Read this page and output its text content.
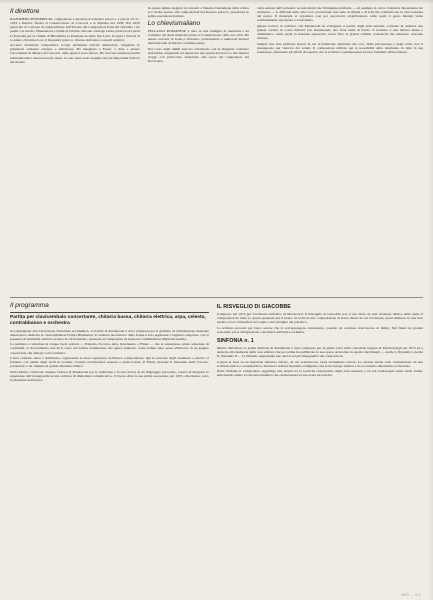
Il direttore

KAZIMIERZ PENDERECKI, compositore e direttore d'orchestra polacco, è nato il 23-11-1933 a Dębica. Studia al Conservatorio di Cracovia e si diploma nel 1958. Nel 1959 partecipa al concorso di composizione dell'Unione dei Compositori Polacchi vincendo i tre premi con Strofe, Emanazioni e Salmi di Davide. Del suo catalogo fanno parte lavori quali la Trenodia per le vittime di Hiroshima, la Passione secondo San Luca, le opere I diavoli di Loudun e Paradise Lost, il Requiem polacco, diverse sinfonie e concerti solistici.

Accanto all'attività compositiva svolge un'intensa attività direttoriale, dirigendo le principali orchestre europee e americane. Ha insegnato a Essen, a Yale e presso l'Accademia di Musica di Cracovia, della quale è stato rettore. Ha ricevuto numerosi premi internazionali e lauree honoris causa. Le sue opere sono eseguite nei più importanti festival del mondo.

In queste ultime stagioni di concerti a Venezia l'attenzione della critica si è rivolta spesso alle composizioni del maestro polacco, presentate in prima esecuzione italiana.

Lo chievismaliano

PELLAGIO ROMANESE è nato in una famiglia di musicisti e ha compiuto gli studi musicali presso il Conservatorio della sua città. Ha tenuto concerti in Italia e all'estero, partecipando a numerosi festival internazionali di musica contemporanea.

Nel corso degli ultimi anni ha collaborato con le maggiori orchestre sinfoniche, eseguendo un repertorio che spazia dal barocco alla musica d'oggi, con particolare attenzione alle opere dei compositori del Novecento.

varie sezioni dell'orchestra: accade infatti che l'immagine primaria — ad esempio la curva cromatica discendente del clarinetto — si diffonda nelle altre voci, producendo una serie di riflessi e di echi che costituiscono la vera sostanza del pezzo. Il materiale si organizza così per successive stratificazioni, nelle quali il gesto iniziale viene continuamente riproposto e trasformato.

Questa tecnica di scrittura, che Penderecki ha sviluppato a partire dagli anni settanta, consente di ottenere una grande varietà di colori timbrici pur mantenendo una forte unità di fondo. Il risultato è una musica densa e drammatica, nella quale la tensione espressiva cresce fino ai grandi culmini orchestrali che chiudono ciascuna sezione.

Sempre una fase piuttosto statica in cui il formicolio uniforme del coro, della percussione e degli archi crea il presupposto per l'entrata dei solisti. Il compositore utilizza qui le possibilità dello strumento in tutta la sua estensione, sfruttando gli effetti di sonorità che la scrittura contemporanea ha reso familiari all'ascoltatore.

Il programma
Partita per clavicembalo concertante, chitarra bassa, chitarra elettrica, arpa, celesta, contrabbasso e orchestra

Accompagnata alla trascrizione Ouverture accademica, la Partita di Penderecki è stata composta per il giubileo di un'istituzione musicale americana e dedicata al clavicembalista Felicja Blumental. Il carattere neoclassico della forma è solo apparente: l'organico singolare, con la presenza di strumenti elettrici accanto al clavicembalo, permette al compositore di esplorare combinazioni timbriche inedite.

La partitura è articolata in cinque brevi sezioni — Preludio, Toccata, Aria, Intermezzo e Finale — che si susseguono senza soluzione di continuità. Il clavicembalo non ha il ruolo del solista tradizionale, ma agisce piuttosto come primus inter pares all'interno di un gruppo concertante che dialoga con l'orchestra.

L'Aria centrale, lenta e meditativa, rappresenta il cuore espressivo dell'intera composizione. Qui le sonorità degli strumenti a pizzico si fondono con quelle degli archi in sordina, creando un'atmosfera sospesa e quasi irreale. Il Finale riprende il materiale della Toccata, portandolo a un culmine di grande intensità ritmica.

Nella Partita convivono dunque l'amore di Penderecki per la tradizione e la sua ricerca di un linguaggio personale, capace di integrare le esperienze dell'avanguardia in una scrittura di immediata comunicativa. Il lavoro ebbe la sua prima esecuzione nel 1972 a Rochester, sotto la direzione dell'autore.

IL RISVEGLIO DI GIACOBBE

Composto nel 1974 per l'orchestra sinfonica di Montecarlo Il Risveglio di Giacobbe trae il suo titolo da una citazione biblica dalla quale il compositore ha tratto lo spunto generale per il brano. Si tratta di una composizione di breve durata in cui l'orchestra, quasi immersa in una luce irreale, evoca l'atmosfera del sogno e del risveglio del patriarca.

La scrittura procede per fasce sonore che si sovrappongono lentamente, creando un continuo trascolorare di timbri. Nel finale un grande crescendo porta all'esplosione conclusiva dell'intera orchestra.

SINFONIA n. 1

Diretta dall'autore la prima Sinfonia di Penderecki è stata composta per la prima volta nella cattedrale inglese di Peterborough nel 1973 ed è dedicata alla memoria della casa editrice che per prima ha pubblicato le sue opere. Articolata in quattro movimenti — Arche I, Dynamis I, Arche II, Dynamis II — la Sinfonia rappresenta uno dei lavori più impegnativi del compositore.

L'opera si basa su un materiale tematico ridotto, da cui scaturiscono vaste architetture sonore. Le sezioni Arche sono caratterizzate da una scrittura statica e contemplativa, mentre le sezioni Dynamis sviluppano una forte energia ritmica e un accentuato dinamismo orchestrale.

Nella Sinfonia il compositore raggiunge una sintesi tra le tecniche sonoristiche degli anni sessanta e un più tradizionale senso della forma, anticipando quella svolta neoromantica che caratterizzerà le sue opere successive.

MED — 5 D
